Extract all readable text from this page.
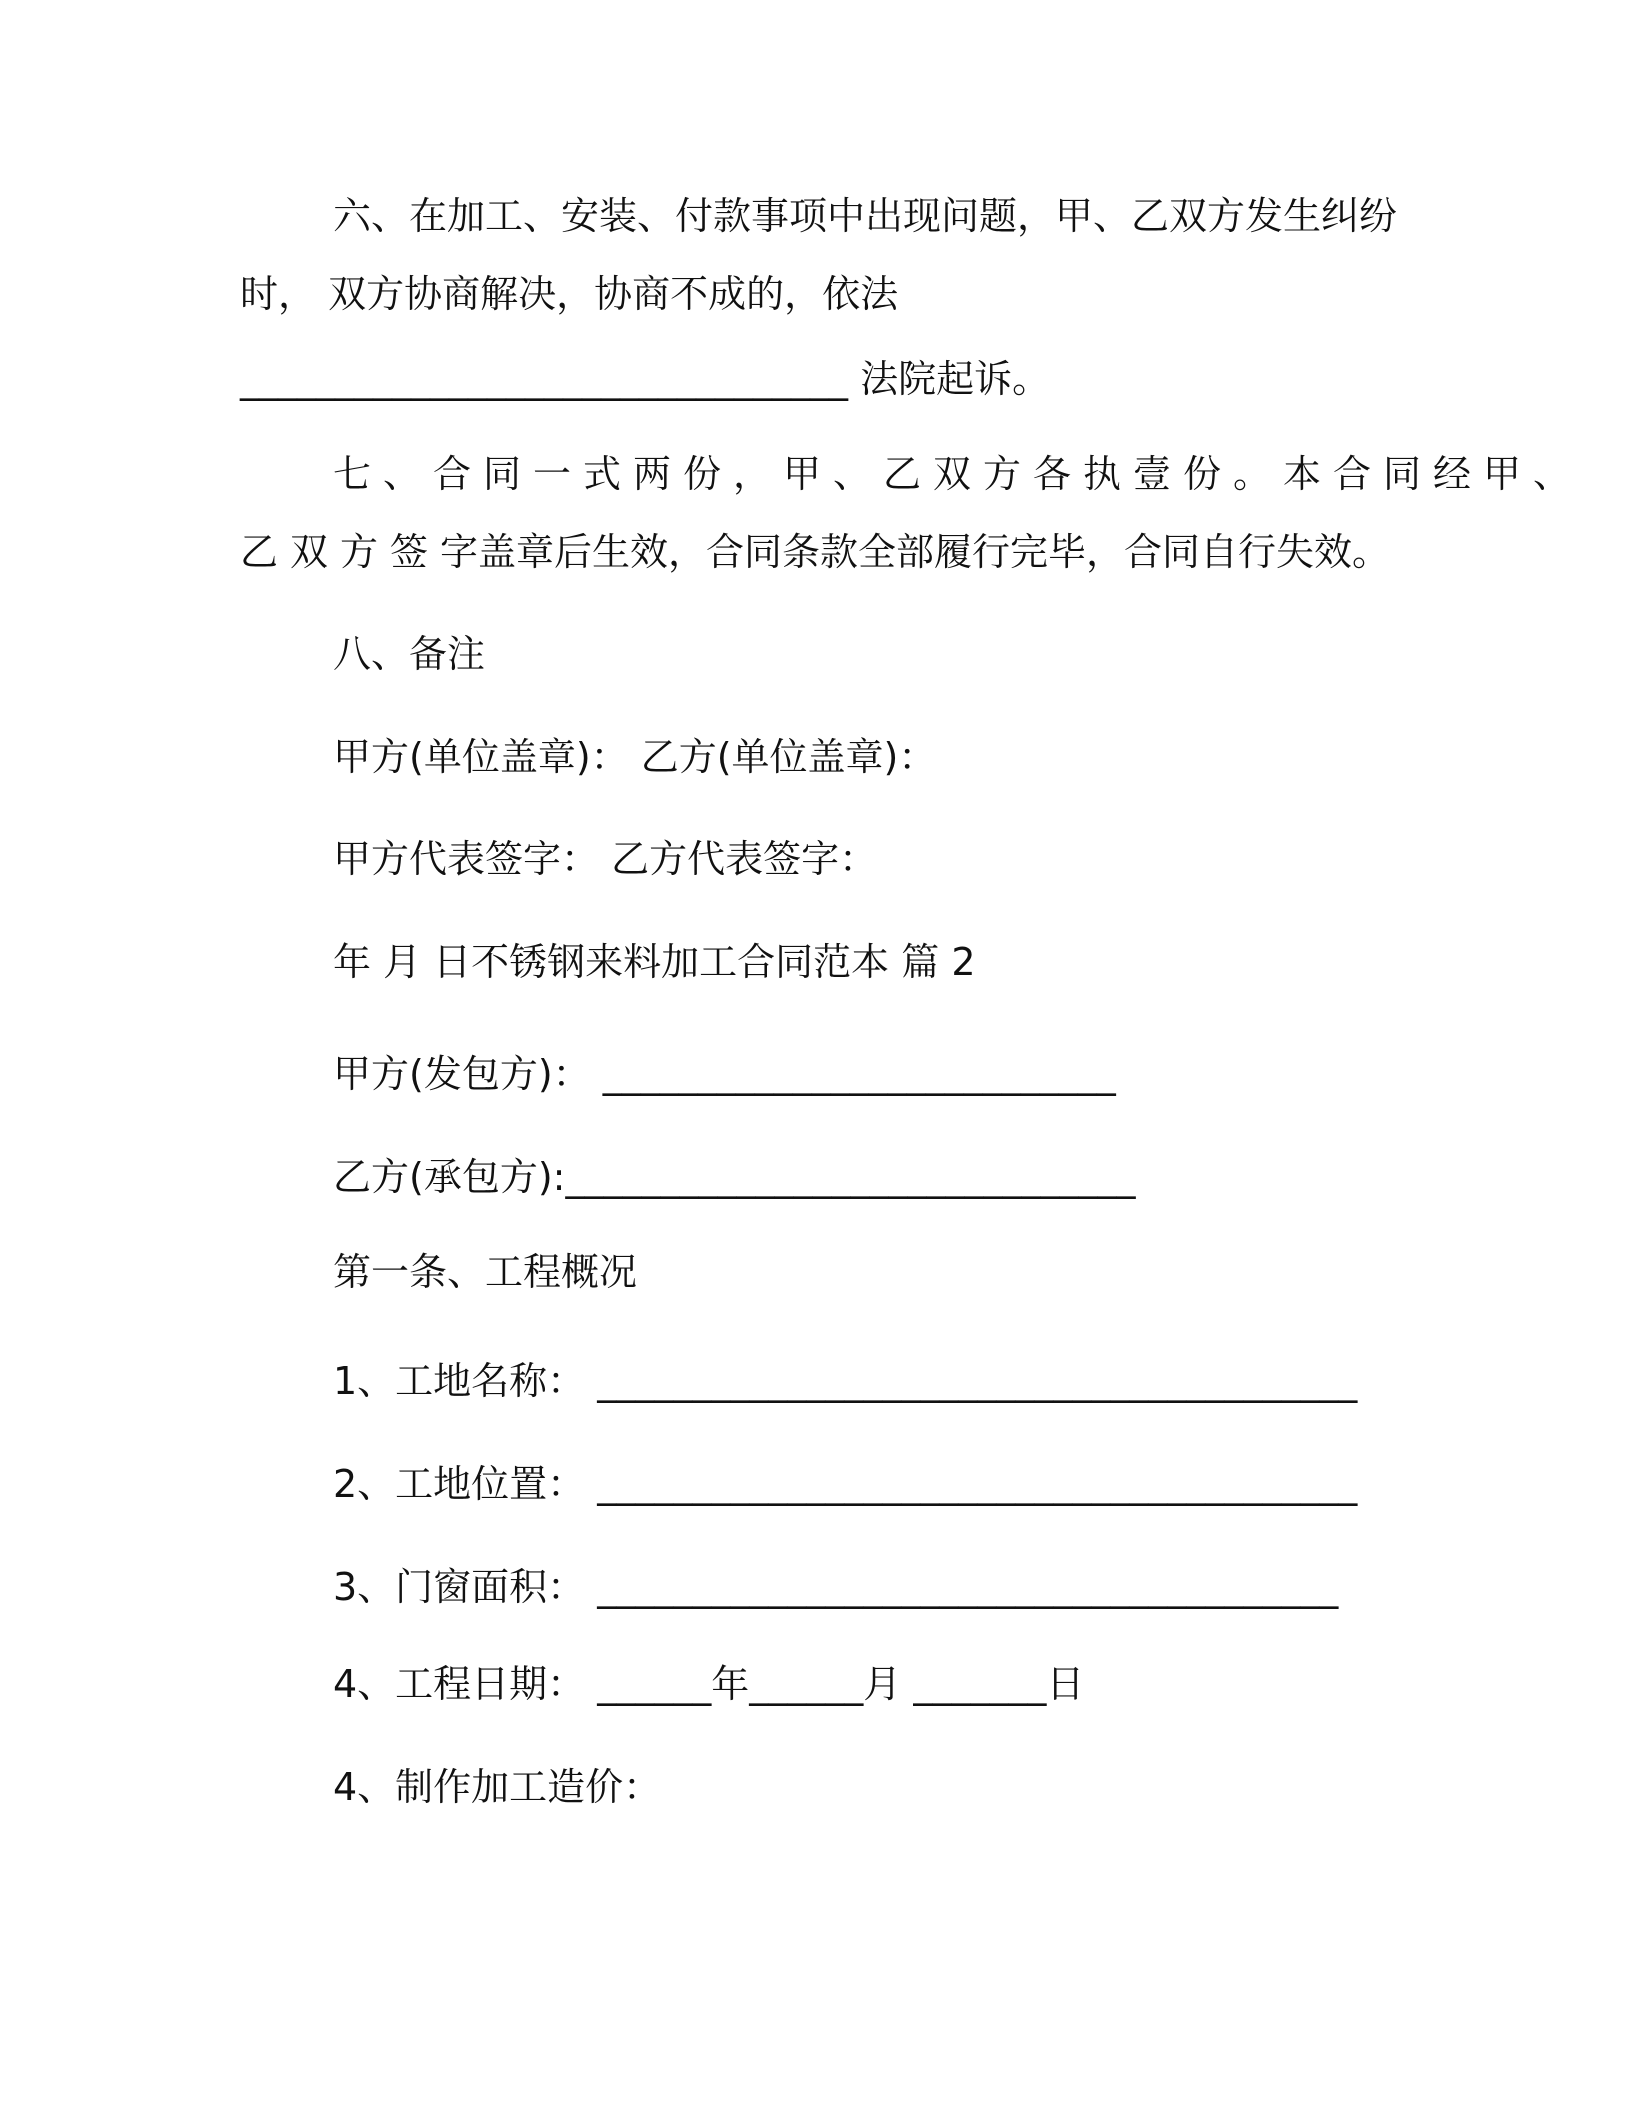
六、在加工、安装、付款事项中出现问题，甲、乙双方发生纠纷
时， 双方协商解决，协商不成的，依法
________________________________ 法院起诉。
七、合同一式两份，甲、乙双方各执壹份。本合同经甲、
乙双方签字盖章后生效，合同条款全部履行完毕，合同自行失效。
八、备注
甲方(单位盖章)： 乙方(单位盖章)：
甲方代表签字： 乙方代表签字：
年 月 日不锈钢来料加工合同范本 篇 2
甲方(发包方)： ___________________________
乙方(承包方):______________________________
第一条、工程概况
1、工地名称： ________________________________________
2、工地位置： ________________________________________
3、门窗面积： _______________________________________
4、工程日期： ______年______月 _______日
4、制作加工造价：
